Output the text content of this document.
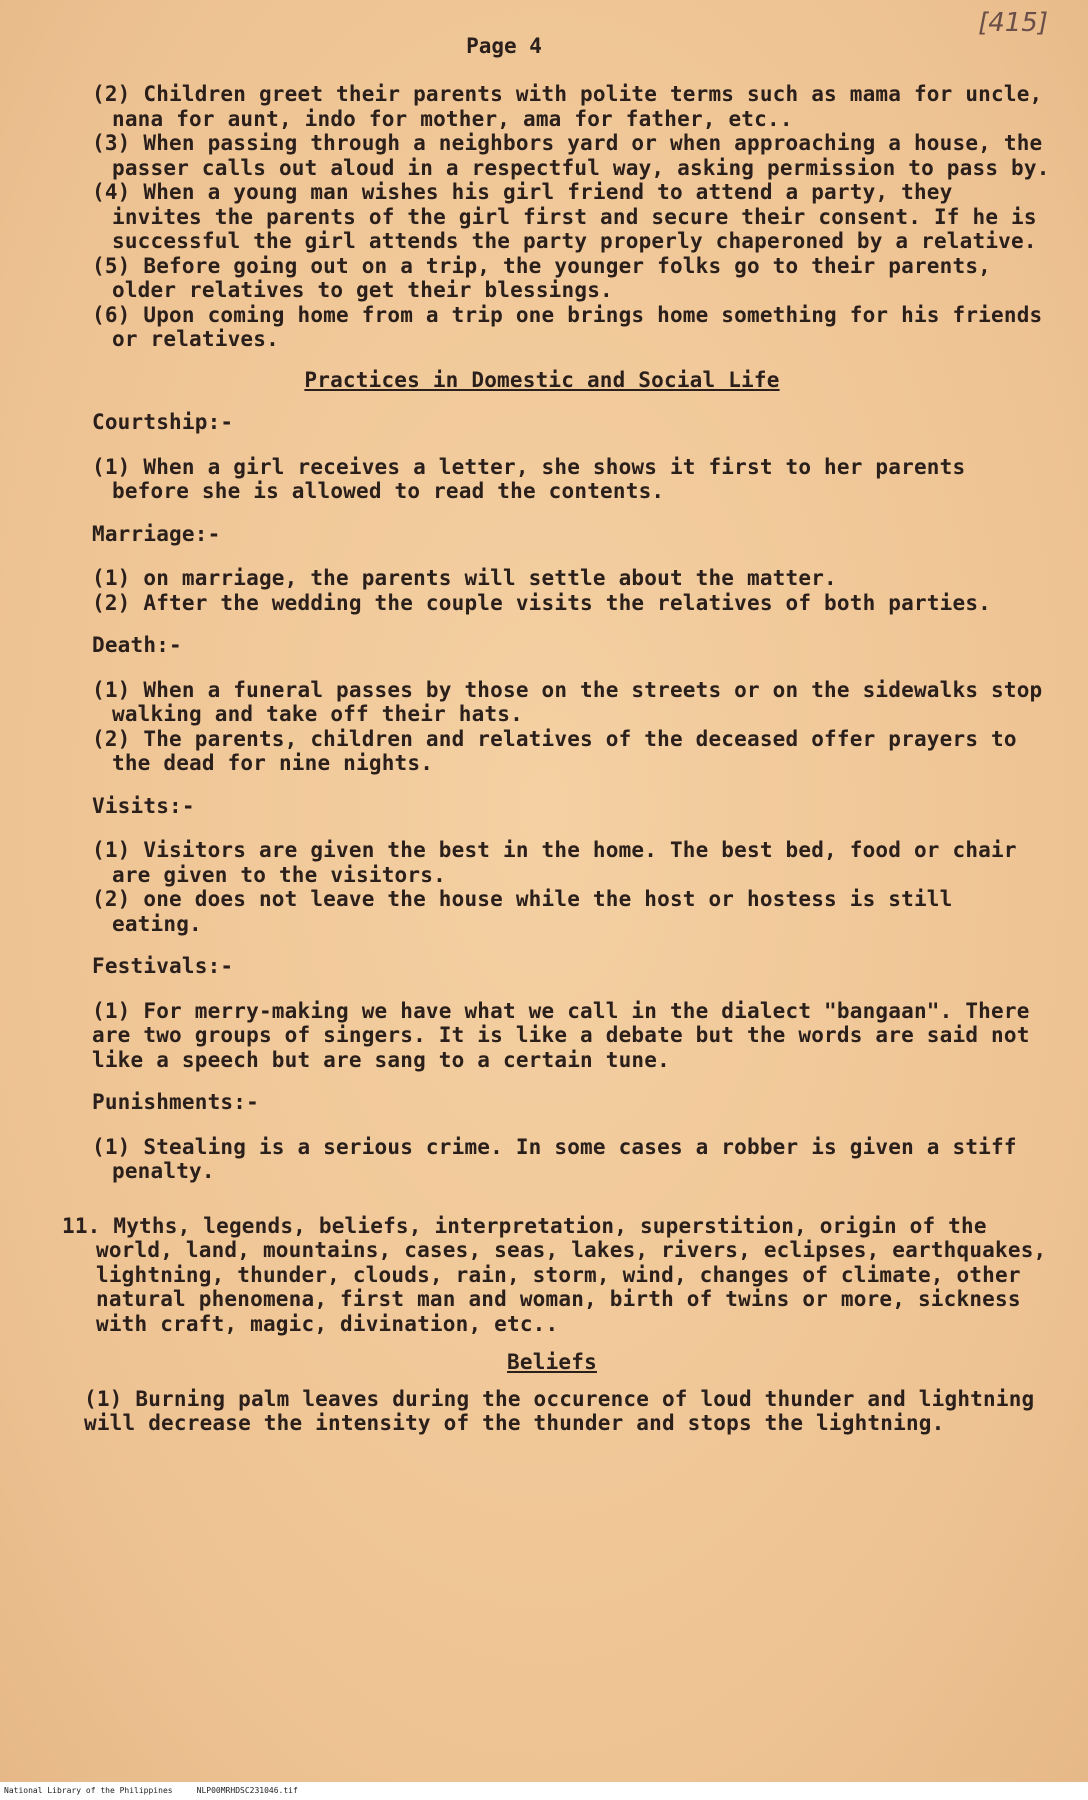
[415]
Page 4

(2) Children greet their parents with polite terms such as mama for uncle, nana for aunt, indo for mother, ama for father, etc..

(3) When passing through a neighbors yard or when approaching a house, the passer calls out aloud in a respectful way, asking permission to pass by.

(4) When a young man wishes his girl friend to attend a party, they invites the parents of the girl first and secure their consent. If he is successful the girl attends the party properly chaperoned by a relative.

(5) Before going out on a trip, the younger folks go to their parents, older relatives to get their blessings.

(6) Upon coming home from a trip one brings home something for his friends or relatives.

Practices in Domestic and Social Life
Courtship:-

(1) When a girl receives a letter, she shows it first to her parents before she is allowed to read the contents.

Marriage:-

(1) on marriage, the parents will settle about the matter.

(2) After the wedding the couple visits the relatives of both parties.

Death:-

(1) When a funeral passes by those on the streets or on the sidewalks stop walking and take off their hats.

(2) The parents, children and relatives of the deceased offer prayers to the dead for nine nights.

Visits:-

(1) Visitors are given the best in the home. The best bed, food or chair are given to the visitors.

(2) one does not leave the house while the host or hostess is still eating.

Festivals:-

(1) For merry-making we have what we call in the dialect "bangaan". There are two groups of singers. It is like a debate but the words are said not like a speech but are sang to a certain tune.

Punishments:-

(1) Stealing is a serious crime. In some cases a robber is given a stiff penalty.

11. Myths, legends, beliefs, interpretation, superstition, origin of the world, land, mountains, cases, seas, lakes, rivers, eclipses, earthquakes, lightning, thunder, clouds, rain, storm, wind, changes of climate, other natural phenomena, first man and woman, birth of twins or more, sickness with craft, magic, divination, etc..

Beliefs

(1) Burning palm leaves during the occurence of loud thunder and lightning will decrease the intensity of the thunder and stops the lightning.

National Library of the Philippines     NLP00MRHDSC231046.tif
